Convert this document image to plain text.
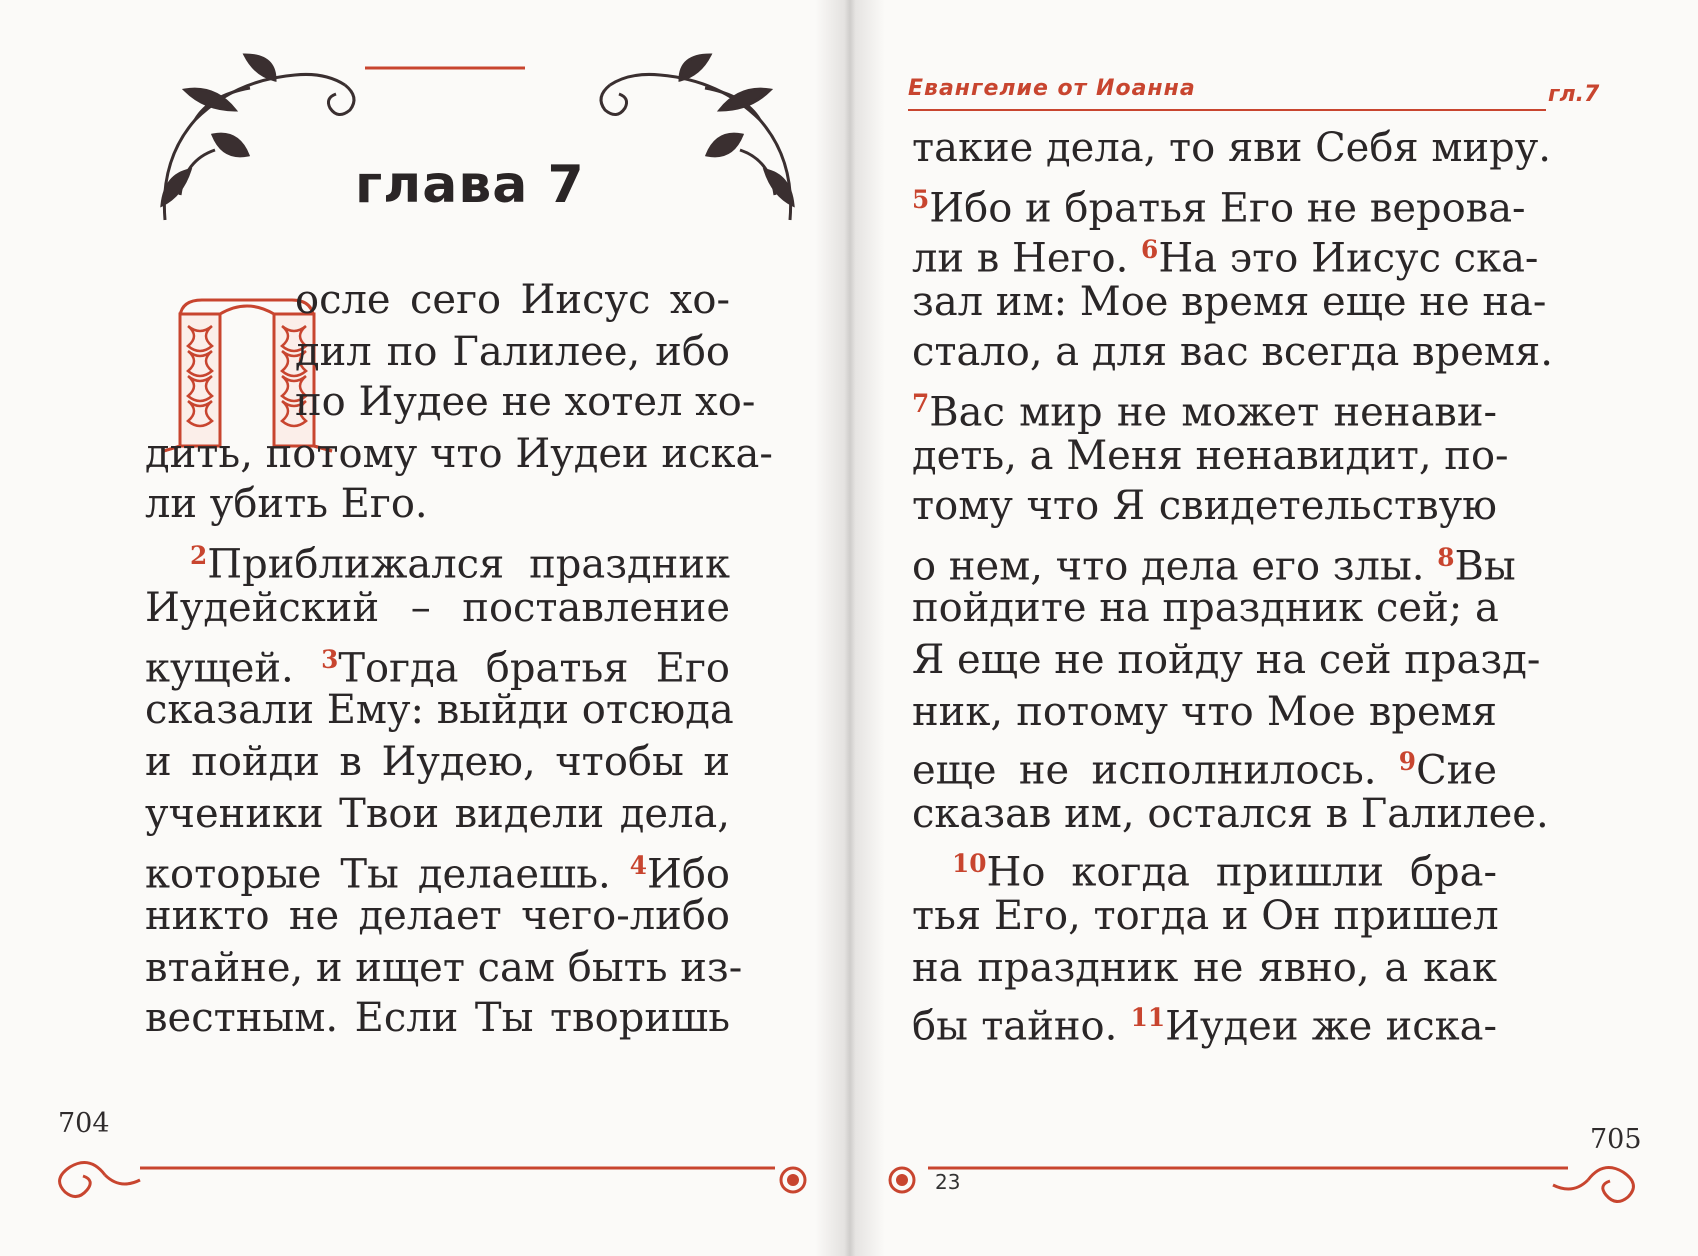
глава 7
осле сего Иисус хо-
дил по Галилее, ибо
по Иудее не хотел хо-
дить, потому что Иудеи иска-
ли убить Его.
$^2$Приближался праздник
Иудейский – поставление
кущей. $^3$Тогда братья Его
сказали Ему: выйди отсюда
и пойди в Иудею, чтобы и
ученики Твои видели дела,
которые Ты делаешь. $^4$Ибо
никто не делает чего-либо
втайне, и ищет сам быть из-
вестным. Если Ты творишь
704
Евангелие от Иоанна	гл.7
такие дела, то яви Себя миру.
$^5$Ибо и братья Его не верова-
ли в Него. $^6$На это Иисус ска-
зал им: Мое время еще не на-
стало, а для вас всегда время.
$^7$Вас мир не может ненави-
деть, а Меня ненавидит, по-
тому что Я свидетельствую
о нем, что дела его злы. $^8$Вы
пойдите на праздник сей; а
Я еще не пойду на сей празд-
ник, потому что Мое время
еще не исполнилось. $^9$Сие
сказав им, остался в Галилее.
$^{10}$Но когда пришли бра-
тья Его, тогда и Он пришел
на праздник не явно, а как
бы тайно. $^{11}$Иудеи же иска-
705
23
